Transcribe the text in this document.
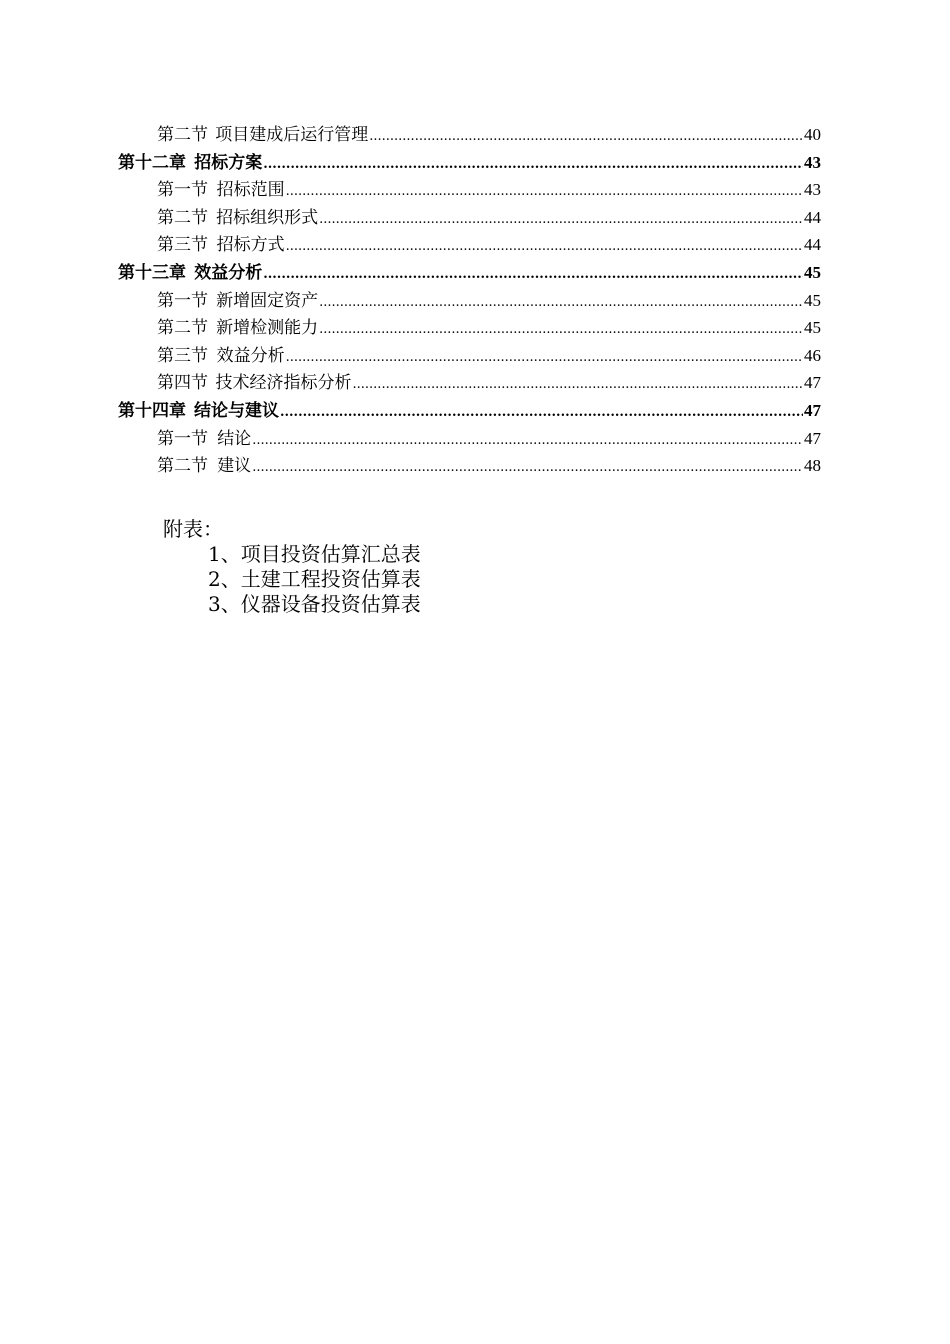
第二节 项目建成后运行管理 .....	40
第十二章 招标方案 .....	43
第一节 招标范围 .....	43
第二节 招标组织形式 .....	44
第三节 招标方式 .....	44
第十三章 效益分析 .....	45
第一节 新增固定资产 .....	45
第二节 新增检测能力 .....	45
第三节 效益分析 .....	46
第四节 技术经济指标分析 .....	47
第十四章 结论与建议 .....	47
第一节 结论 .....	47
第二节 建议 .....	48
附表：
1、项目投资估算汇总表
2、土建工程投资估算表
3、仪器设备投资估算表
